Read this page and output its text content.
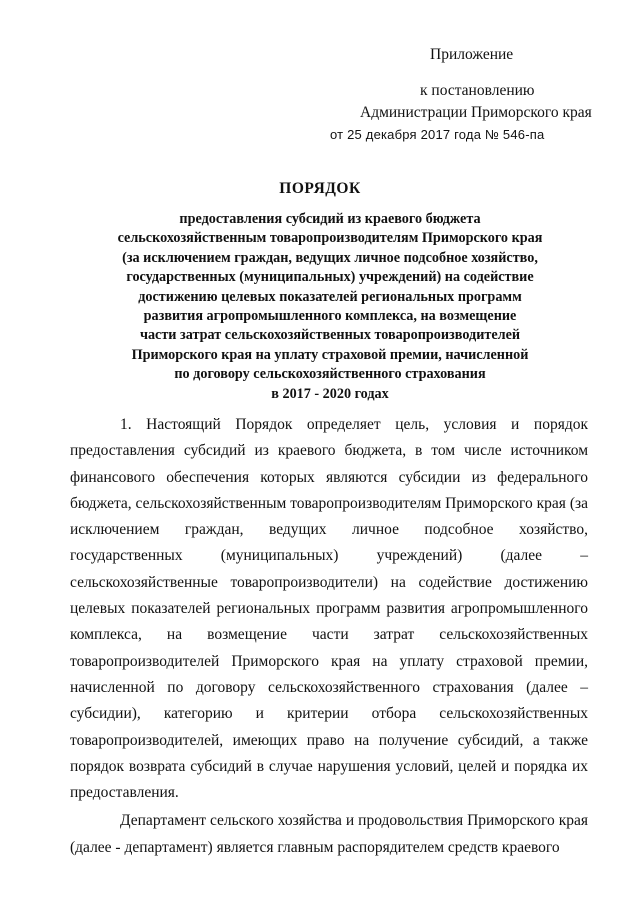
Приложение
к постановлению
Администрации Приморского края
от 25 декабря 2017 года № 546-па
ПОРЯДОК
предоставления субсидий из краевого бюджета
сельскохозяйственным товаропроизводителям Приморского края
(за исключением граждан, ведущих личное подсобное хозяйство,
государственных (муниципальных) учреждений) на содействие
достижению целевых показателей региональных программ
развития агропромышленного комплекса, на возмещение
части затрат сельскохозяйственных товаропроизводителей
Приморского края на уплату страховой премии, начисленной
по договору сельскохозяйственного страхования
в 2017 - 2020 годах

1. Настоящий Порядок определяет цель, условия и порядок предоставления субсидий из краевого бюджета, в том числе источником финансового обеспечения которых являются субсидии из федерального бюджета, сельскохозяйственным товаропроизводителям Приморского края (за исключением граждан, ведущих личное подсобное хозяйство, государственных (муниципальных) учреждений) (далее – сельскохозяйственные товаропроизводители) на содействие достижению целевых показателей региональных программ развития агропромышленного комплекса, на возмещение части затрат сельскохозяйственных товаропроизводителей Приморского края на уплату страховой премии, начисленной по договору сельскохозяйственного страхования (далее – субсидии), категорию и критерии отбора сельскохозяйственных товаропроизводителей, имеющих право на получение субсидий, а также порядок возврата субсидий в случае нарушения условий, целей и порядка их предоставления.

Департамент сельского хозяйства и продовольствия Приморского края (далее - департамент) является главным распорядителем средств краевого
